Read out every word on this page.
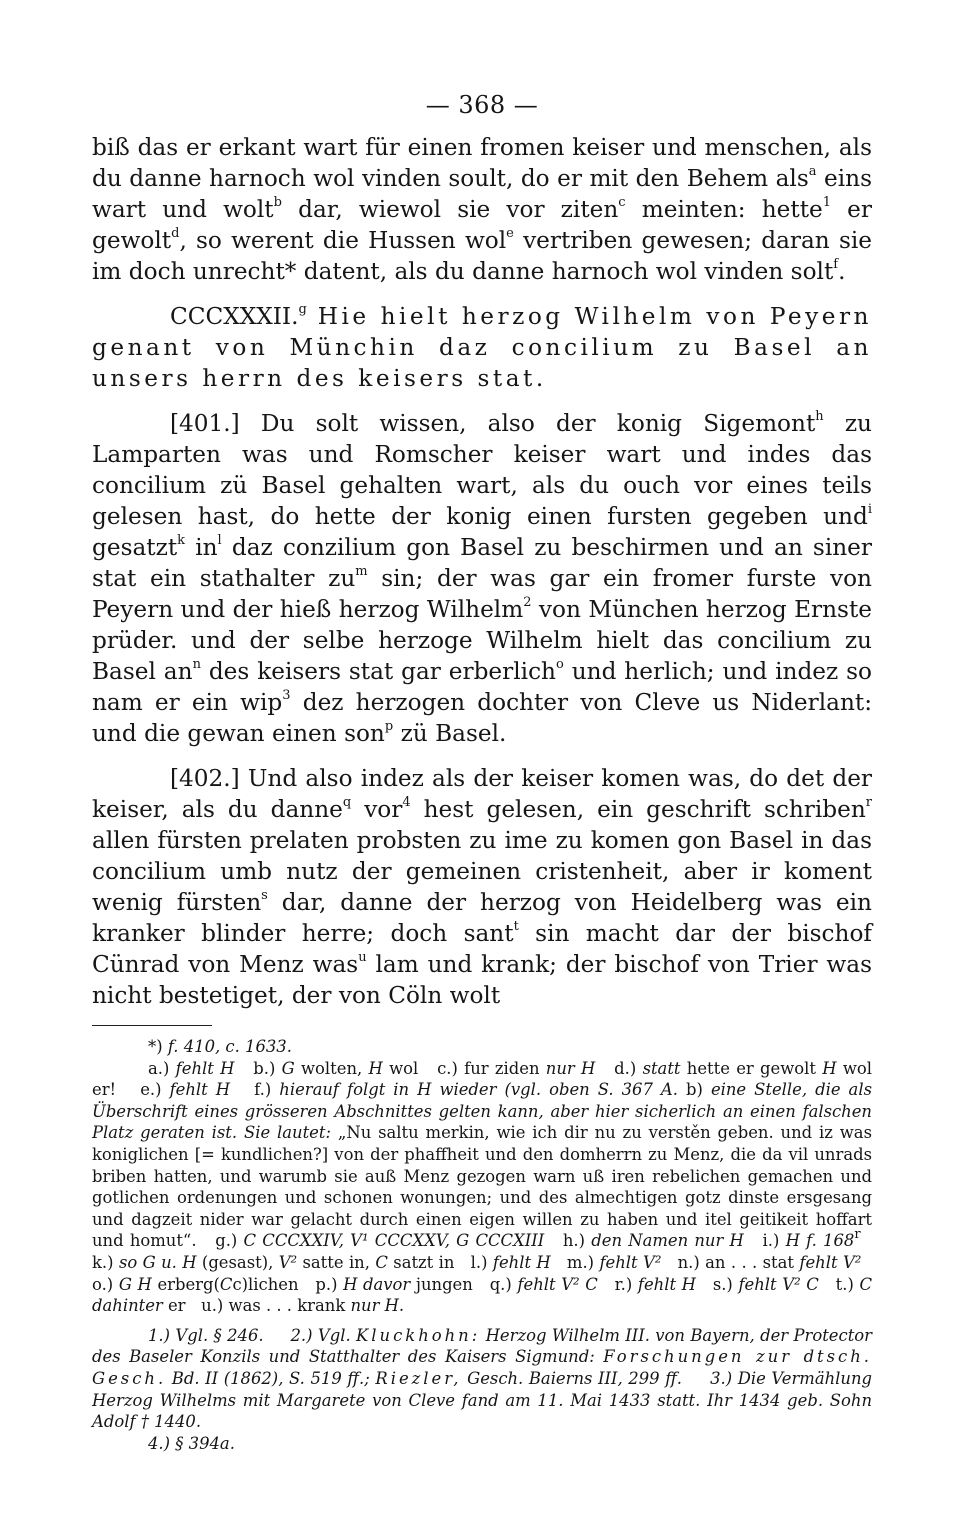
— 368 —

biß das er erkant wart für einen fromen keiser und menschen, als du danne harnoch wol vinden soult, do er mit den Behem als$^a$ eins wart und wolt$^b$ dar, wiewol sie vor ziten$^c$ meinten: hette$^1$ er gewolt$^d$, so werent die Hussen wol$^e$ vertriben gewesen; daran sie im doch unrecht* datent, als du danne harnoch wol vinden solt$^f$.

CCCXXXII.$^g$ Hie hielt herzog Wilhelm von Peyern genant von Münchin daz concilium zu Basel an unsers herrn des keisers stat.

[401.] Du solt wissen, also der konig Sigemont$^h$ zu Lamparten was und Romscher keiser wart und indes das concilium zü Basel gehalten wart, als du ouch vor eines teils gelesen hast, do hette der konig einen fursten gegeben und$^i$ gesatzt$^k$ $in^l$ daz conzilium gon Basel zu beschirmen und an siner stat ein stathalter $zu^m$ sin; der was gar ein fromer furste von Peyern und der hieß herzog Wilhelm$^2$ von München herzog Ernste prüder. und der selbe herzoge Wilhelm hielt das concilium zu Basel $an^n$ des keisers stat gar erberlich$^o$ und herlich; und indez so nam er ein wip$^3$ dez herzogen dochter von Cleve us Niderlant: und die gewan einen son$^p$ zü Basel.

[402.] Und also indez als der keiser komen was, do det der keiser, als du danne$^q$ vor$^4$ hest gelesen, ein geschrift schriben$^r$ allen fürsten prelaten probsten zu ime zu komen gon Basel in das concilium umb nutz der gemeinen cristenheit, aber ir koment wenig fürsten$^s$ dar, danne der herzog von Heidelberg was ein kranker blinder herre; doch sant$^t$ sin macht dar der bischof Cünrad von Menz was$^u$ lam und krank; der bischof von Trier was nicht bestetiget, der von Cöln wolt

*) f. 410, c. 1633.

a.) fehlt H b.) G wolten, H wol c.) fur ziden nur H d.) statt hette er gewolt H wol er! e.) fehlt H f.) hierauf folgt in H wieder (vgl. oben S. 367 A. b) eine Stelle, die als Überschrift eines grösseren Abschnittes gelten kann, aber hier sicherlich an einen falschen Platz geraten ist. Sie lautet: „Nu saltu merkin, wie ich dir nu zu verstěn geben. und iz was koniglichen [= kundlichen?] von der phaffheit und den domherrn zu Menz, die da vil unrads briben hatten, und warumb sie auß Menz gezogen warn uß iren rebelichen gemachen und gotlichen ordenungen und schonen wonungen; und des almechtigen gotz dinste ersgesang und dagzeit nider war gelacht durch einen eigen willen zu haben und itel geitikeit hoffart und homut“. g.) C CCCXXIV, V¹ CCCXXV, G CCCXIII h.) den Namen nur H i.) H f. 168$^r$   k.) so G u. H (gesast), V² satte in, C satzt in l.) fehlt H m.) fehlt V² n.) an . . . stat fehlt V²   o.) G H erberg(Cc)lichen p.) H davor jungen q.) fehlt V² C r.) fehlt H s.) fehlt V² C t.) C dahinter er u.) was . . . krank nur H.

1.) Vgl. § 246. 2.) Vgl. Kluckhohn: Herzog Wilhelm III. von Bayern, der Protector des Baseler Konzils und Statthalter des Kaisers Sigmund: Forschungen zur dtsch. Gesch. Bd. II (1862), S. 519 ff.; Riezler, Gesch. Baierns III, 299 ff. 3.) Die Vermählung Herzog Wilhelms mit Margarete von Cleve fand am 11. Mai 1433 statt. Ihr 1434 geb. Sohn Adolf † 1440.

4.) § 394a.
